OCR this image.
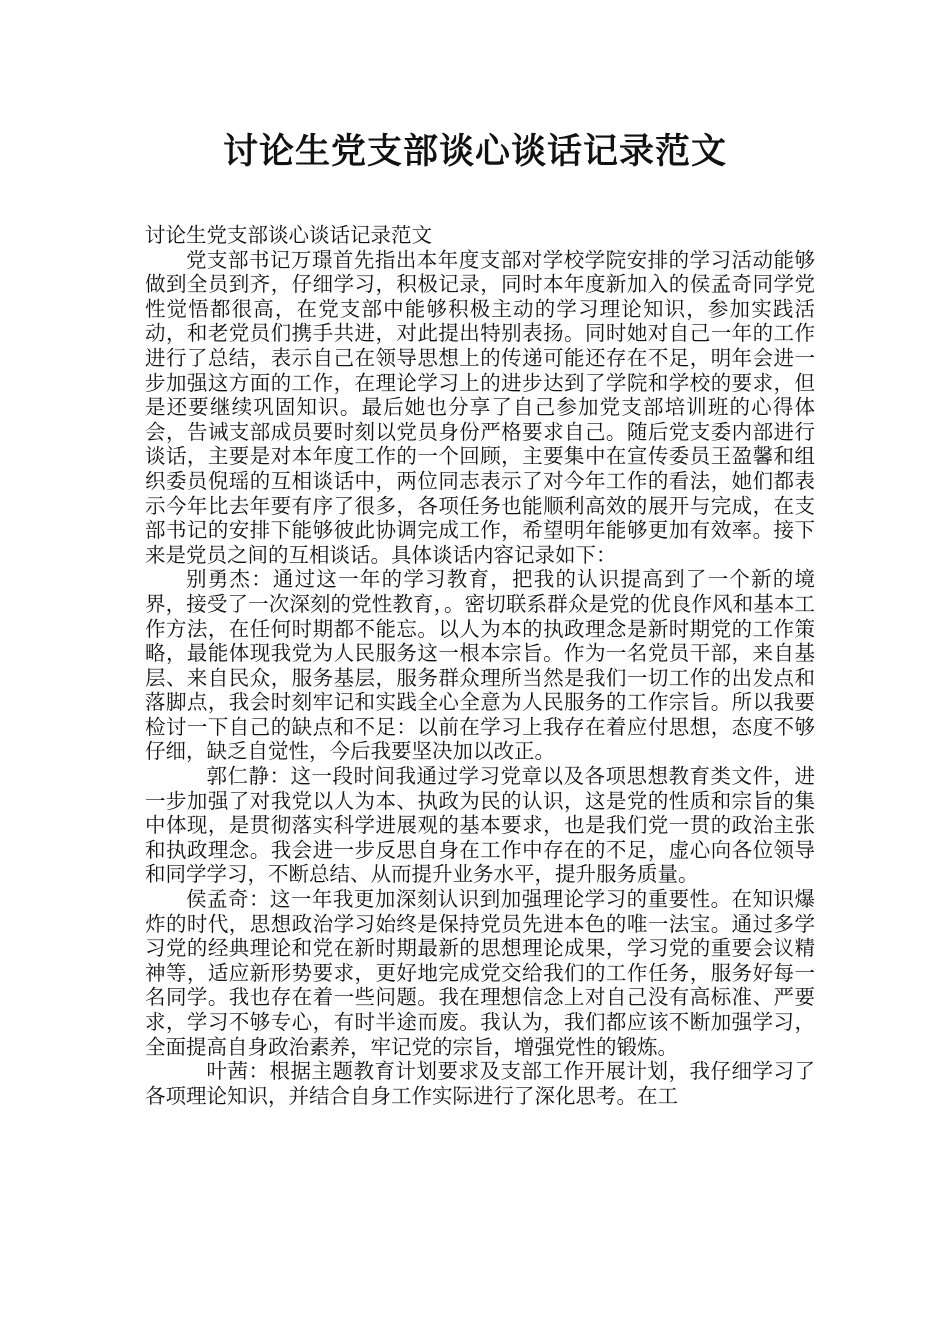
讨论生党支部谈心谈话记录范文

讨论生党支部谈心谈话记录范文

党支部书记万璟首先指出本年度支部对学校学院安排的学习活动能够做到全员到齐，仔细学习，积极记录，同时本年度新加入的侯孟奇同学党性觉悟都很高，在党支部中能够积极主动的学习理论知识，参加实践活动，和老党员们携手共进，对此提出特别表扬。同时她对自己一年的工作进行了总结，表示自己在领导思想上的传递可能还存在不足，明年会进一步加强这方面的工作，在理论学习上的进步达到了学院和学校的要求，但是还要继续巩固知识。最后她也分享了自己参加党支部培训班的心得体会，告诫支部成员要时刻以党员身份严格要求自己。随后党支委内部进行谈话，主要是对本年度工作的一个回顾，主要集中在宣传委员王盈馨和组织委员倪瑶的互相谈话中，两位同志表示了对今年工作的看法，她们都表示今年比去年要有序了很多，各项任务也能顺利高效的展开与完成，在支部书记的安排下能够彼此协调完成工作，希望明年能够更加有效率。接下来是党员之间的互相谈话。具体谈话内容记录如下：

别勇杰：通过这一年的学习教育，把我的认识提高到了一个新的境界，接受了一次深刻的党性教育，。密切联系群众是党的优良作风和基本工作方法，在任何时期都不能忘。以人为本的执政理念是新时期党的工作策略，最能体现我党为人民服务这一根本宗旨。作为一名党员干部，来自基层、来自民众，服务基层，服务群众理所当然是我们一切工作的出发点和落脚点，我会时刻牢记和实践全心全意为人民服务的工作宗旨。所以我要检讨一下自己的缺点和不足：以前在学习上我存在着应付思想，态度不够仔细，缺乏自觉性，今后我要坚决加以改正。

郭仁静：这一段时间我通过学习党章以及各项思想教育类文件，进一步加强了对我党以人为本、执政为民的认识，这是党的性质和宗旨的集中体现，是贯彻落实科学进展观的基本要求，也是我们党一贯的政治主张和执政理念。我会进一步反思自身在工作中存在的不足，虚心向各位领导和同学学习，不断总结、从而提升业务水平，提升服务质量。

侯孟奇：这一年我更加深刻认识到加强理论学习的重要性。在知识爆炸的时代，思想政治学习始终是保持党员先进本色的唯一法宝。通过多学习党的经典理论和党在新时期最新的思想理论成果，学习党的重要会议精神等，适应新形势要求，更好地完成党交给我们的工作任务，服务好每一名同学。我也存在着一些问题。我在理想信念上对自己没有高标准、严要求，学习不够专心，有时半途而废。我认为，我们都应该不断加强学习，全面提高自身政治素养，牢记党的宗旨，增强党性的锻炼。

叶茜：根据主题教育计划要求及支部工作开展计划，我仔细学习了各项理论知识，并结合自身工作实际进行了深化思考。在工
